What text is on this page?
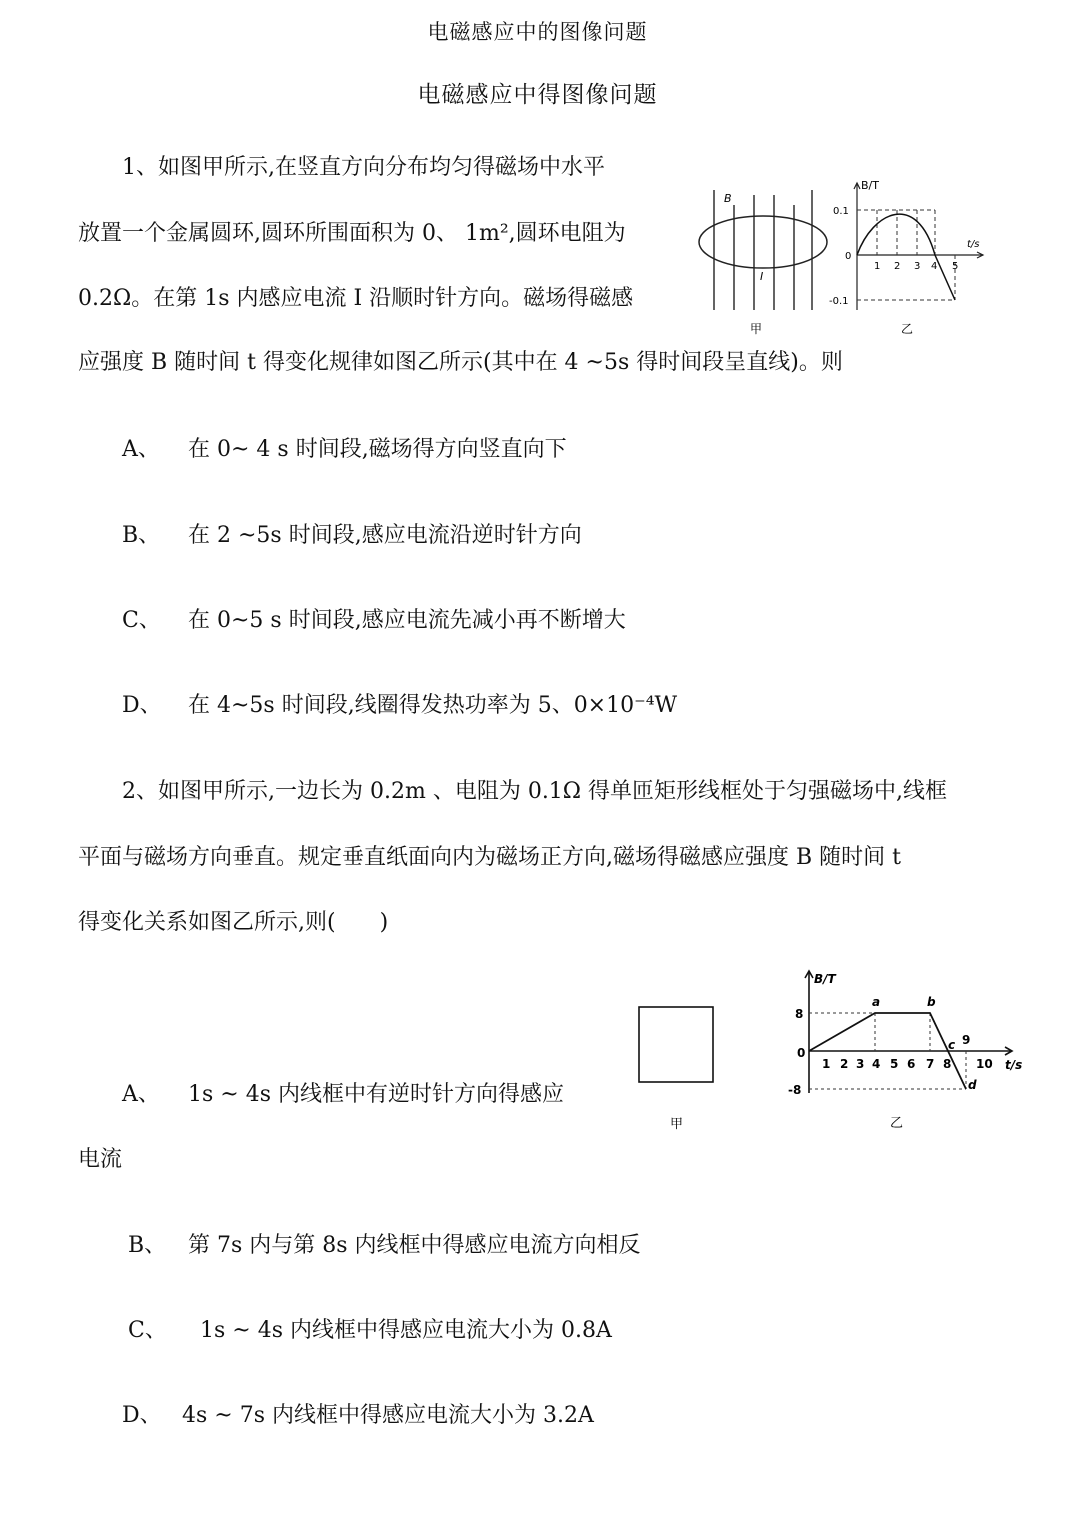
电磁感应中的图像问题
电磁感应中得图像问题
1、如图甲所示,在竖直方向分布均匀得磁场中水平
放置一个金属圆环,圆环所围面积为 0、 1m²,圆环电阻为
0.2Ω。在第 1s 内感应电流 I 沿顺时针方向。磁场得磁感
应强度 B 随时间 t 得变化规律如图乙所示(其中在 4 ~5s 得时间段呈直线)。则
B
I
甲
B/T
t/s
0.1
0
-0.1
1 2 3 4 5
乙
A、 在 0~ 4 s 时间段,磁场得方向竖直向下
B、 在 2 ~5s 时间段,感应电流沿逆时针方向
C、 在 0~5 s 时间段,感应电流先减小再不断增大
D、 在 4~5s 时间段,线圈得发热功率为 5、0×10⁻⁴W
2、如图甲所示,一边长为 0.2m 、电阻为 0.1Ω 得单匝矩形线框处于匀强磁场中,线框
平面与磁场方向垂直。规定垂直纸面向内为磁场正方向,磁场得磁感应强度 B 随时间 t
得变化关系如图乙所示,则(　　)
甲
B/T
t/s
8
0
-8
1 2 3 4 5 6 7 8
9
10
a	b
c
d
乙
A、 1s ~ 4s 内线框中有逆时针方向得感应
电流
B、 第 7s 内与第 8s 内线框中得感应电流方向相反
C、 1s ~ 4s 内线框中得感应电流大小为 0.8A
D、 4s ~ 7s 内线框中得感应电流大小为 3.2A
